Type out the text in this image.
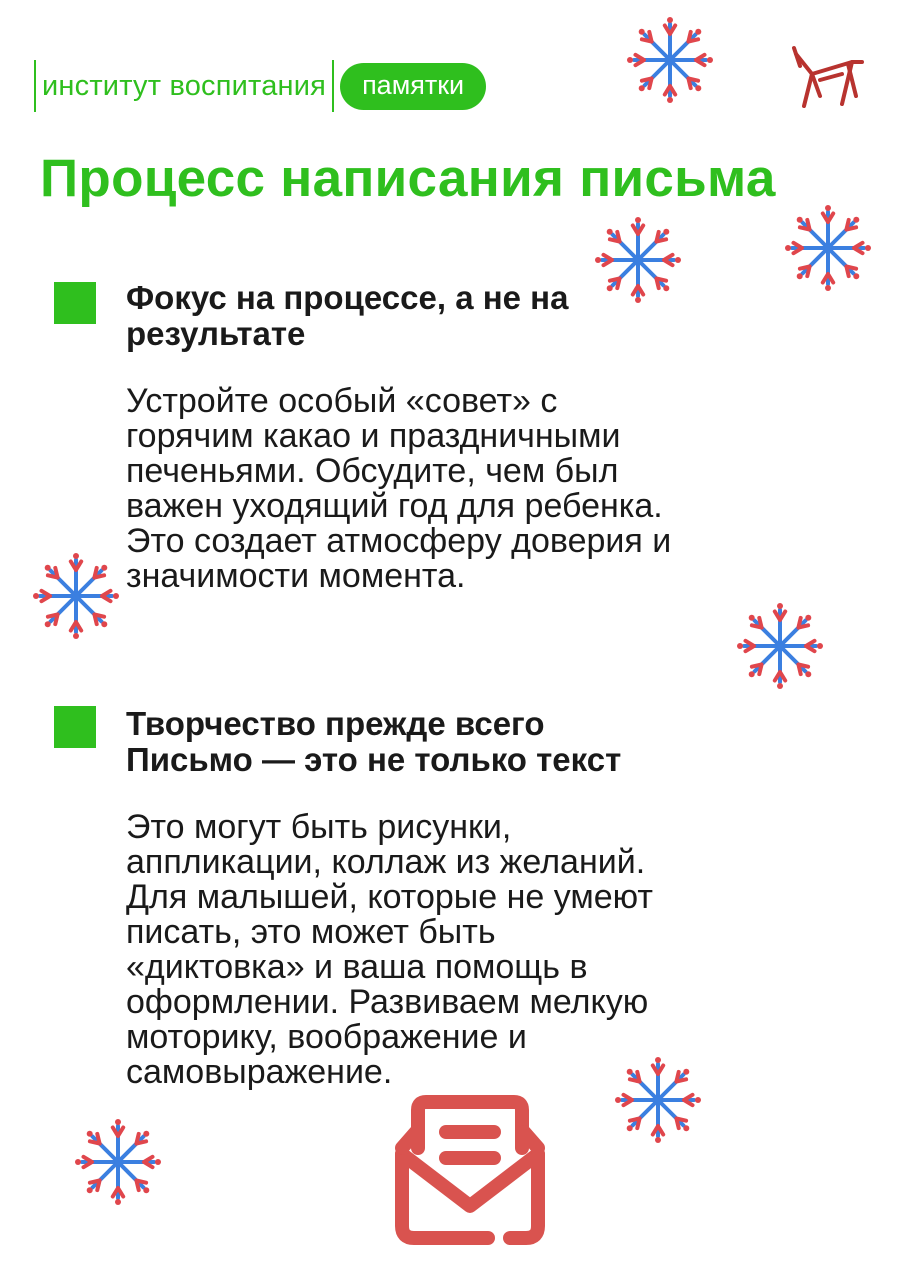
институт воспитания	памятки
Процесс написания письма
Фокус на процессе, а не на
результате

Устройте особый «совет» с
горячим какао и праздничными
печеньями. Обсудите, чем был
важен уходящий год для ребенка.
Это создает атмосферу доверия и
значимости момента.

Творчество прежде всего
Письмо — это не только текст

Это могут быть рисунки,
аппликации, коллаж из желаний.
Для малышей, которые не умеют
писать, это может быть
«диктовка» и ваша помощь в
оформлении. Развиваем мелкую
моторику, воображение и
самовыражение.
